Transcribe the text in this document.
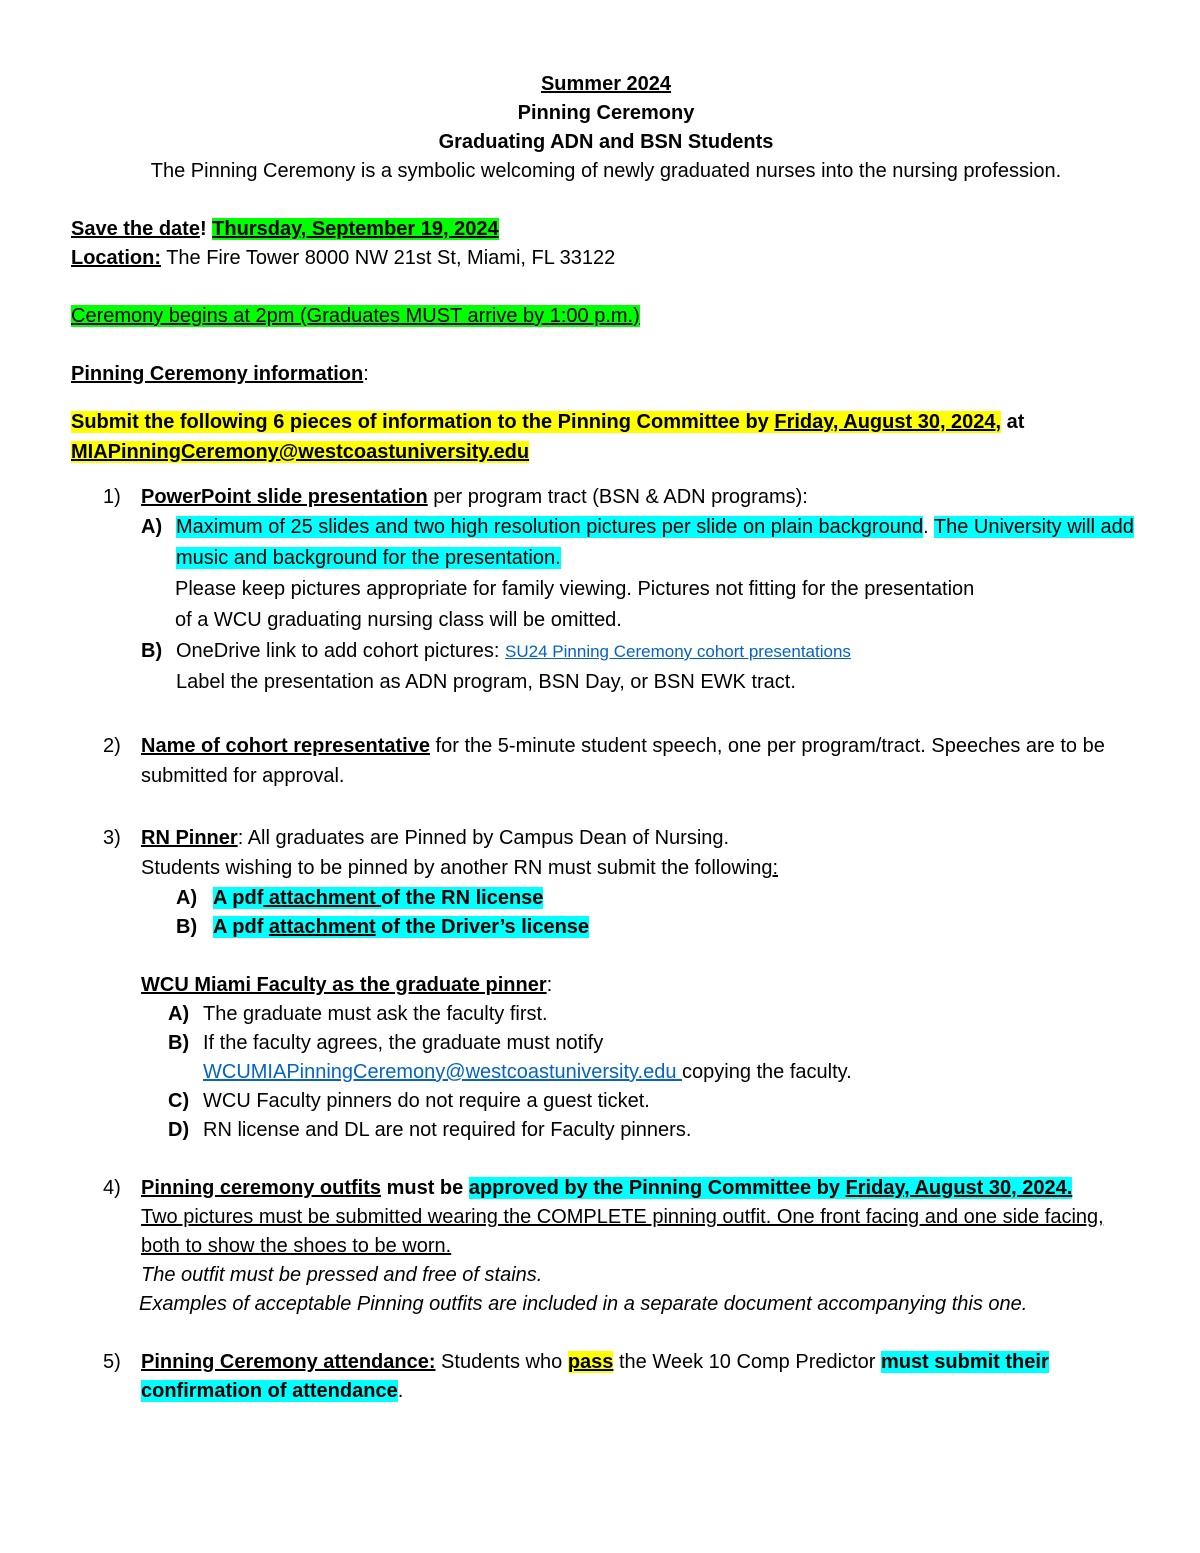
Summer 2024
Pinning Ceremony
Graduating ADN and BSN Students
The Pinning Ceremony is a symbolic welcoming of newly graduated nurses into the nursing profession.
Save the date! Thursday, September 19, 2024
Location: The Fire Tower 8000 NW 21st St, Miami, FL 33122
Ceremony begins at 2pm (Graduates MUST arrive by 1:00 p.m.)
Pinning Ceremony information:
Submit the following 6 pieces of information to the Pinning Committee by Friday, August 30, 2024, at
MIAPinningCeremony@westcoastuniversity.edu
1) PowerPoint slide presentation per program tract (BSN & ADN programs):
A) Maximum of 25 slides and two high resolution pictures per slide on plain background. The University will add music and background for the presentation.
Please keep pictures appropriate for family viewing. Pictures not fitting for the presentation
of a WCU graduating nursing class will be omitted.
B) OneDrive link to add cohort pictures: SU24 Pinning Ceremony cohort presentations
Label the presentation as ADN program, BSN Day, or BSN EWK tract.
2) Name of cohort representative for the 5-minute student speech, one per program/tract. Speeches are to be submitted for approval.
3) RN Pinner: All graduates are Pinned by Campus Dean of Nursing.
Students wishing to be pinned by another RN must submit the following:
A) A pdf attachment of the RN license
B) A pdf attachment of the Driver’s license
WCU Miami Faculty as the graduate pinner:
A) The graduate must ask the faculty first.
B) If the faculty agrees, the graduate must notify
WCUMIAPinningCeremony@westcoastuniversity.edu copying the faculty.
C) WCU Faculty pinners do not require a guest ticket.
D) RN license and DL are not required for Faculty pinners.
4) Pinning ceremony outfits must be approved by the Pinning Committee by Friday, August 30, 2024.
Two pictures must be submitted wearing the COMPLETE pinning outfit. One front facing and one side facing, both to show the shoes to be worn.
The outfit must be pressed and free of stains.
Examples of acceptable Pinning outfits are included in a separate document accompanying this one.
5) Pinning Ceremony attendance: Students who pass the Week 10 Comp Predictor must submit their confirmation of attendance.
